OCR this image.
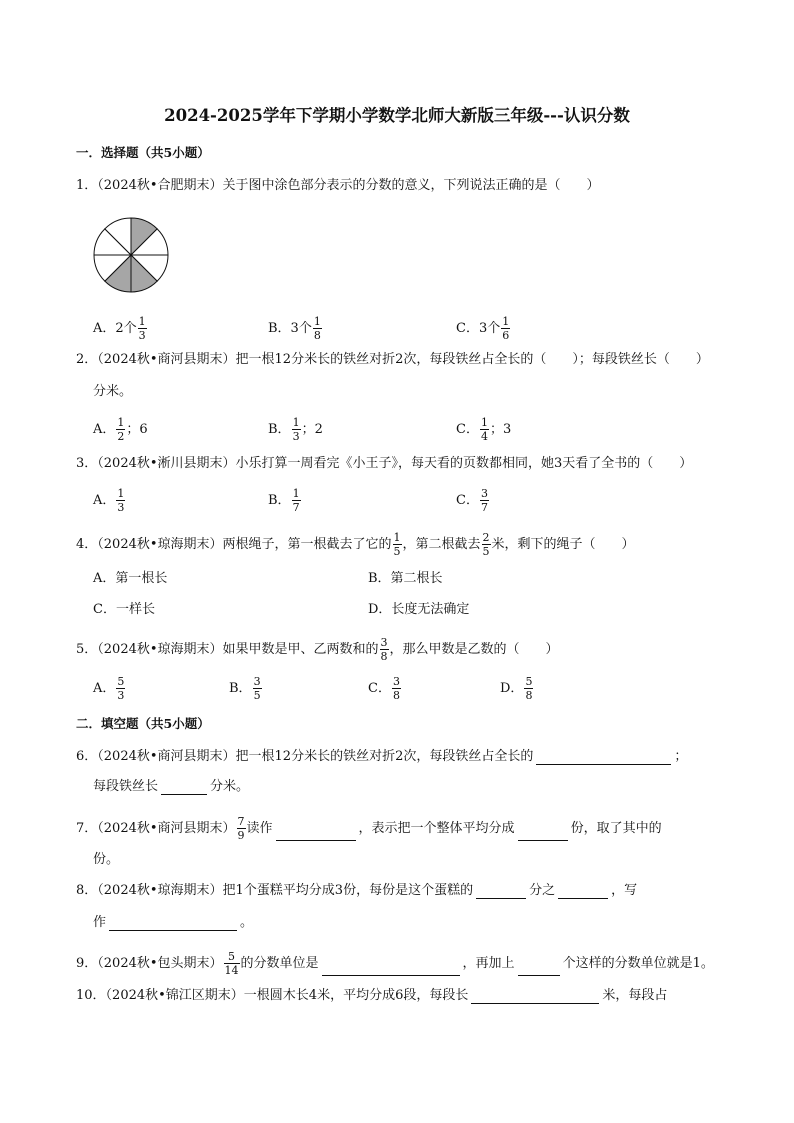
2024-2025学年下学期小学数学北师大新版三年级---认识分数
一．选择题（共5小题）
1．（2024秋•合肥期末）关于图中涂色部分表示的分数的意义，下列说法正确的是（　　）
A．2个 $\frac{1}{3}$	B．3个 $\frac{1}{8}$	C．3个 $\frac{1}{6}$
2．（2024秋•商河县期末）把一根12分米长的铁丝对折2次，每段铁丝占全长的（　　）；每段铁丝长（　　）
分米。
A． $\frac{1}{2}$ ；6	B． $\frac{1}{3}$ ；2	C． $\frac{1}{4}$ ；3
3．（2024秋•淅川县期末）小乐打算一周看完《小王子》，每天看的页数都相同，她3天看了全书的（　　）
A． $\frac{1}{3}$	B． $\frac{1}{7}$	C． $\frac{3}{7}$
4．（2024秋•琼海期末）两根绳子，第一根截去了它的 $\frac{1}{5}$ ，第二根截去 $\frac{2}{5}$ 米，剩下的绳子（　　）
A．第一根长	B．第二根长
C．一样长	D．长度无法确定
5．（2024秋•琼海期末）如果甲数是甲、乙两数和的 $\frac{3}{8}$ ，那么甲数是乙数的（　　）
A． $\frac{5}{3}$	B． $\frac{3}{5}$	C． $\frac{3}{8}$	D． $\frac{5}{8}$
二．填空题（共5小题）
6．（2024秋•商河县期末）把一根12分米长的铁丝对折2次，每段铁丝占全长的	；
每段铁丝长	分米。
7．（2024秋•商河县期末） $\frac{7}{9}$ 读作	，表示把一个整体平均分成	份，取了其中的
份。
8．（2024秋•琼海期末）把1个蛋糕平均分成3份，每份是这个蛋糕的	分之	，写
作	。
9．（2024秋•包头期末） $\frac{5}{14}$ 的分数单位是	，再加上	个这样的分数单位就是1。
10．（2024秋•锦江区期末）一根圆木长4米，平均分成6段，每段长	米，每段占
